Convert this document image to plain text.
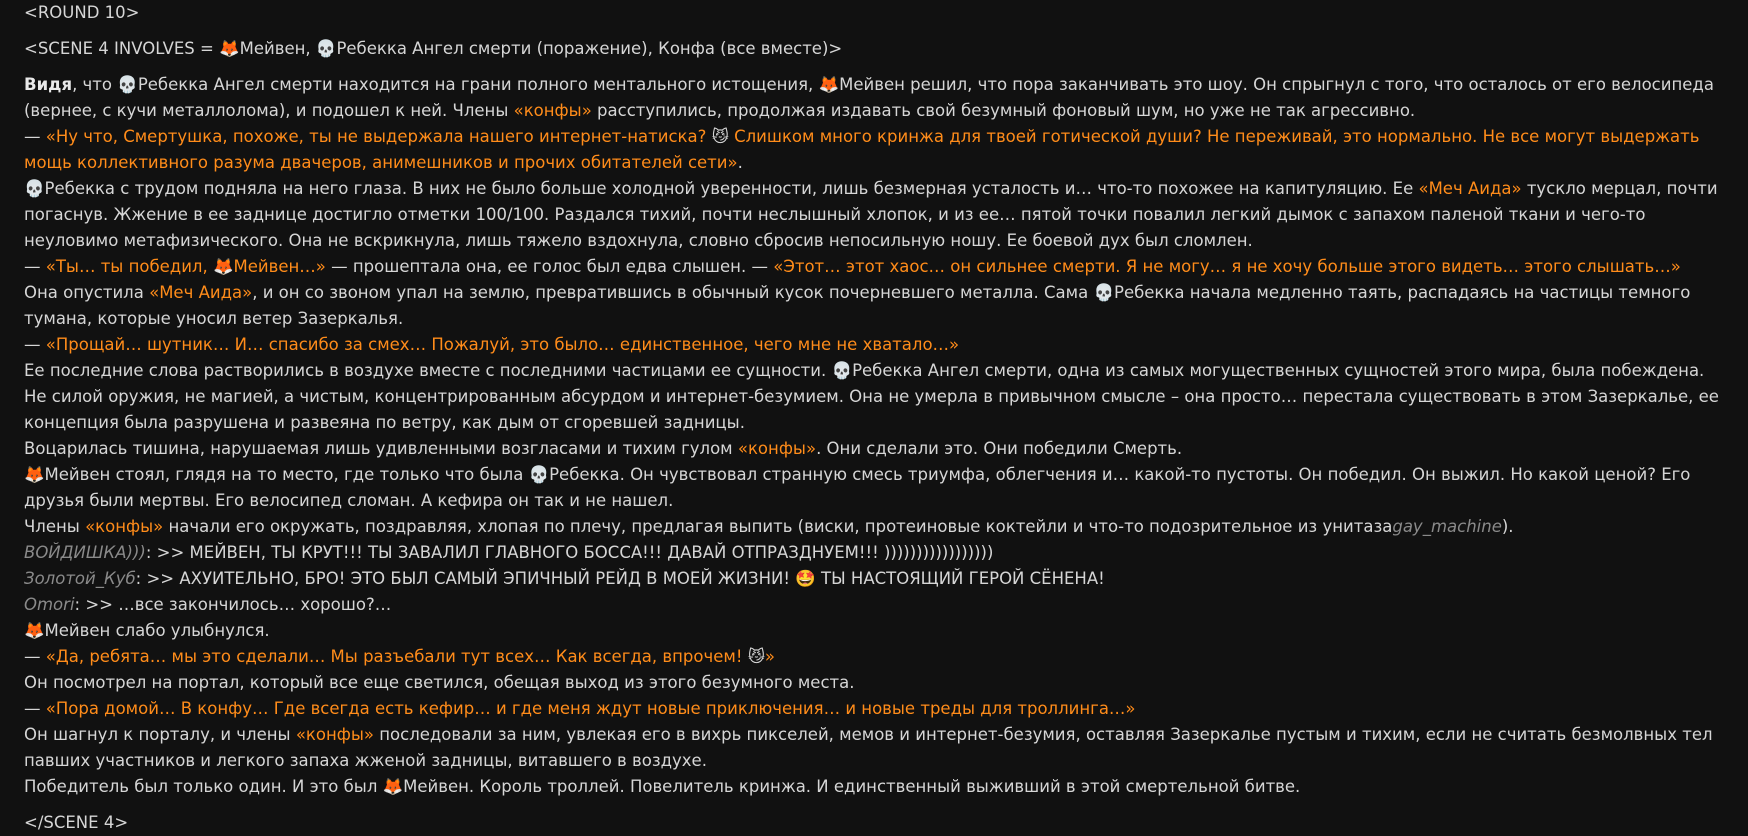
<ROUND 10>
<SCENE 4 INVOLVES = 🦊Мейвен, 💀Ребекка Ангел смерти (поражение), Конфа (все вместе)>
Видя, что 💀Ребекка Ангел смерти находится на грани полного ментального истощения, 🦊Мейвен решил, что пора заканчивать это шоу. Он спрыгнул с того, что осталось от его велосипеда (вернее, с кучи металлолома), и подошел к ней. Члены «конфы» расступились, продолжая издавать свой безумный фоновый шум, но уже не так агрессивно.
— «Ну что, Смертушка, похоже, ты не выдержала нашего интернет-натиска? 😼 Слишком много кринжа для твоей готической души? Не переживай, это нормально. Не все могут выдержать мощь коллективного разума двачеров, анимешников и прочих обитателей сети».
💀Ребекка с трудом подняла на него глаза. В них не было больше холодной уверенности, лишь безмерная усталость и… что-то похожее на капитуляцию. Ее «Меч Аида» тускло мерцал, почти погаснув. Жжение в ее заднице достигло отметки 100/100. Раздался тихий, почти неслышный хлопок, и из ее… пятой точки повалил легкий дымок с запахом паленой ткани и чего-то неуловимо метафизического. Она не вскрикнула, лишь тяжело вздохнула, словно сбросив непосильную ношу. Ее боевой дух был сломлен.
— «Ты… ты победил, 🦊Мейвен…» — прошептала она, ее голос был едва слышен. — «Этот… этот хаос… он сильнее смерти. Я не могу… я не хочу больше этого видеть… этого слышать…»
Она опустила «Меч Аида», и он со звоном упал на землю, превратившись в обычный кусок почерневшего металла. Сама 💀Ребекка начала медленно таять, распадаясь на частицы темного тумана, которые уносил ветер Зазеркалья.
— «Прощай… шутник… И… спасибо за смех… Пожалуй, это было… единственное, чего мне не хватало…»
Ее последние слова растворились в воздухе вместе с последними частицами ее сущности. 💀Ребекка Ангел смерти, одна из самых могущественных сущностей этого мира, была побеждена. Не силой оружия, не магией, а чистым, концентрированным абсурдом и интернет-безумием. Она не умерла в привычном смысле – она просто… перестала существовать в этом Зазеркалье, ее концепция была разрушена и развеяна по ветру, как дым от сгоревшей задницы.
Воцарилась тишина, нарушаемая лишь удивленными возгласами и тихим гулом «конфы». Они сделали это. Они победили Смерть.
🦊Мейвен стоял, глядя на то место, где только что была 💀Ребекка. Он чувствовал странную смесь триумфа, облегчения и… какой-то пустоты. Он победил. Он выжил. Но какой ценой? Его друзья были мертвы. Его велосипед сломан. А кефира он так и не нашел.
Члены «конфы» начали его окружать, поздравляя, хлопая по плечу, предлагая выпить (виски, протеиновые коктейли и что-то подозрительное из унитазаgay_machine).
ВОЙДИШКА))): >> МЕЙВЕН, ТЫ КРУТ!!! ТЫ ЗАВАЛИЛ ГЛАВНОГО БОССА!!! ДАВАЙ ОТПРАЗДНУЕМ!!! )))))))))))))))))
Золотой_Куб: >> АХУИТЕЛЬНО, БРО! ЭТО БЫЛ САМЫЙ ЭПИЧНЫЙ РЕЙД В МОЕЙ ЖИЗНИ! 🤩 ТЫ НАСТОЯЩИЙ ГЕРОЙ СЁНЕНА!
Omori: >> …все закончилось… хорошо?…
🦊Мейвен слабо улыбнулся.
— «Да, ребята… мы это сделали… Мы разъебали тут всех… Как всегда, впрочем! 😼»
Он посмотрел на портал, который все еще светился, обещая выход из этого безумного места.
— «Пора домой… В конфу… Где всегда есть кефир… и где меня ждут новые приключения… и новые треды для троллинга…»
Он шагнул к порталу, и члены «конфы» последовали за ним, увлекая его в вихрь пикселей, мемов и интернет-безумия, оставляя Зазеркалье пустым и тихим, если не считать безмолвных тел павших участников и легкого запаха жженой задницы, витавшего в воздухе.
Победитель был только один. И это был 🦊Мейвен. Король троллей. Повелитель кринжа. И единственный выживший в этой смертельной битве.
</SCENE 4>
